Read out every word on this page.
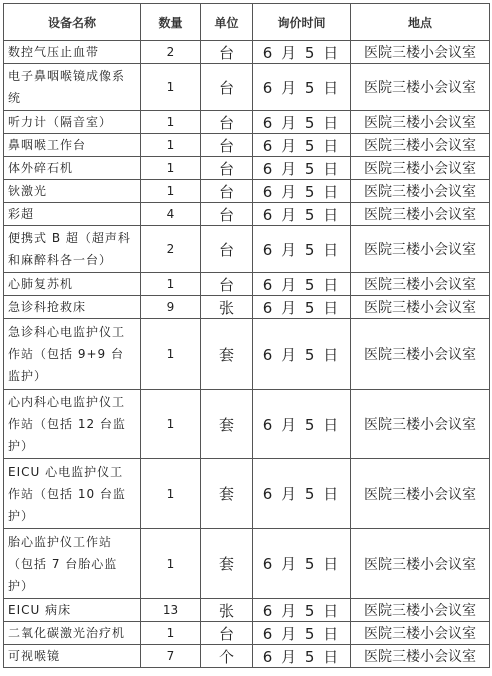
设备名称	数量	单位	询价时间	地点
数控气压止血带	2	台	6 月 5 日	医院三楼小会议室
电子鼻咽喉镜成像系统	1	台	6 月 5 日	医院三楼小会议室
听力计（隔音室）	1	台	6 月 5 日	医院三楼小会议室
鼻咽喉工作台	1	台	6 月 5 日	医院三楼小会议室
体外碎石机	1	台	6 月 5 日	医院三楼小会议室
钬激光	1	台	6 月 5 日	医院三楼小会议室
彩超	4	台	6 月 5 日	医院三楼小会议室
便携式 B 超（超声科和麻醉科各一台）	2	台	6 月 5 日	医院三楼小会议室
心肺复苏机	1	台	6 月 5 日	医院三楼小会议室
急诊科抢救床	9	张	6 月 5 日	医院三楼小会议室
急诊科心电监护仪工作站（包括 9+9 台监护）	1	套	6 月 5 日	医院三楼小会议室
心内科心电监护仪工作站（包括 12 台监护）	1	套	6 月 5 日	医院三楼小会议室
EICU 心电监护仪工作站（包括 10 台监护）	1	套	6 月 5 日	医院三楼小会议室
胎心监护仪工作站（包括 7 台胎心监护）	1	套	6 月 5 日	医院三楼小会议室
EICU 病床	13	张	6 月 5 日	医院三楼小会议室
二氧化碳激光治疗机	1	台	6 月 5 日	医院三楼小会议室
可视喉镜	7	个	6 月 5 日	医院三楼小会议室
